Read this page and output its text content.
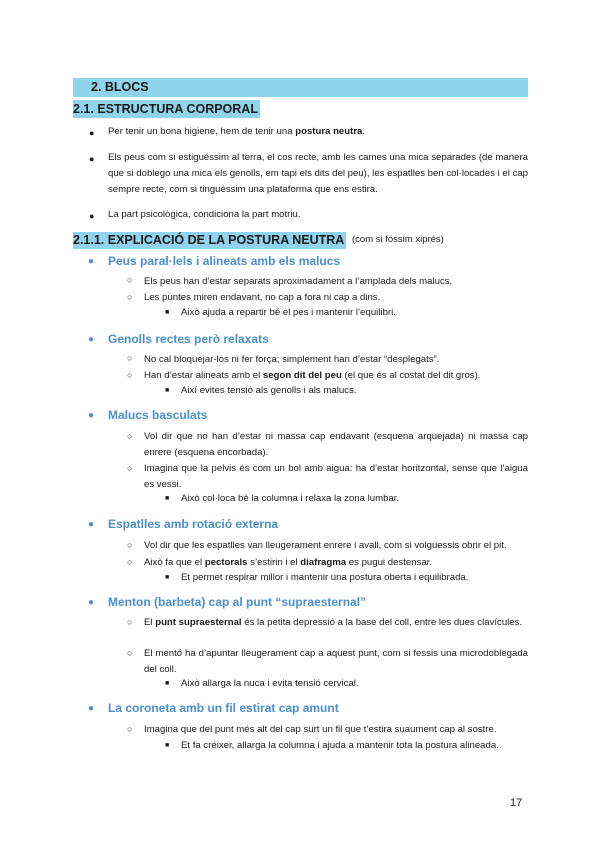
2. BLOCS
2.1. ESTRUCTURA CORPORAL
● Per tenir un bona higiene, hem de tenir una postura neutra.
● Els peus com si estiguéssim al terra, el cos recte, amb les cames una mica separades (de manera que si doblego una mica els genolls, em tapi els dits del peu), les espatlles ben col·locades i el cap sempre recte, com si tinguéssim una plataforma que ens estira.
● La part psicològica, condiciona la part motriu.
2.1.1. EXPLICACIÓ DE LA POSTURA NEUTRA (com si fóssim xiprés)
● Peus paral·lels i alineats amb els malucs
○ Els peus han d’estar separats aproximadament a l’amplada dels malucs.
○ Les puntes miren endavant, no cap a fora ni cap a dins.
■ Això ajuda a repartir bé el pes i mantenir l’equilibri.
● Genolls rectes però relaxats
○ No cal bloquejar-los ni fer força; simplement han d’estar “desplegats”.
○ Han d’estar alineats amb el segon dit del peu (el que és al costat del dit gros).
■ Així evites tensió als genolls i als malucs.
● Malucs basculats
○ Vol dir que no han d’estar ni massa cap endavant (esquena arquejada) ni massa cap enrere (esquena encorbada).
○ Imagina que la pelvis és com un bol amb aigua: ha d’estar horitzontal, sense que l’aigua es vessi.
■ Això col·loca bé la columna i relaxa la zona lumbar.
● Espatlles amb rotació externa
○ Vol dir que les espatlles van lleugerament enrere i avall, com si volguessis obrir el pit.
○ Això fa que el pectorals s’estirin i el diafragma es pugui destensar.
■ Et permet respirar millor i mantenir una postura oberta i equilibrada.
● Menton (barbeta) cap al punt “supraesternal”
○ El punt supraesternal és la petita depressió a la base del coll, entre les dues clavícules.
○ El mentó ha d’apuntar lleugerament cap a aquest punt, com si fessis una microdoblegada del coll.
■ Això allarga la nuca i evita tensió cervical.
● La coroneta amb un fil estirat cap amunt
○ Imagina que del punt més alt del cap surt un fil que t’estira suaument cap al sostre.
■ Et fa créixer, allarga la columna i ajuda a mantenir tota la postura alineada.
17
